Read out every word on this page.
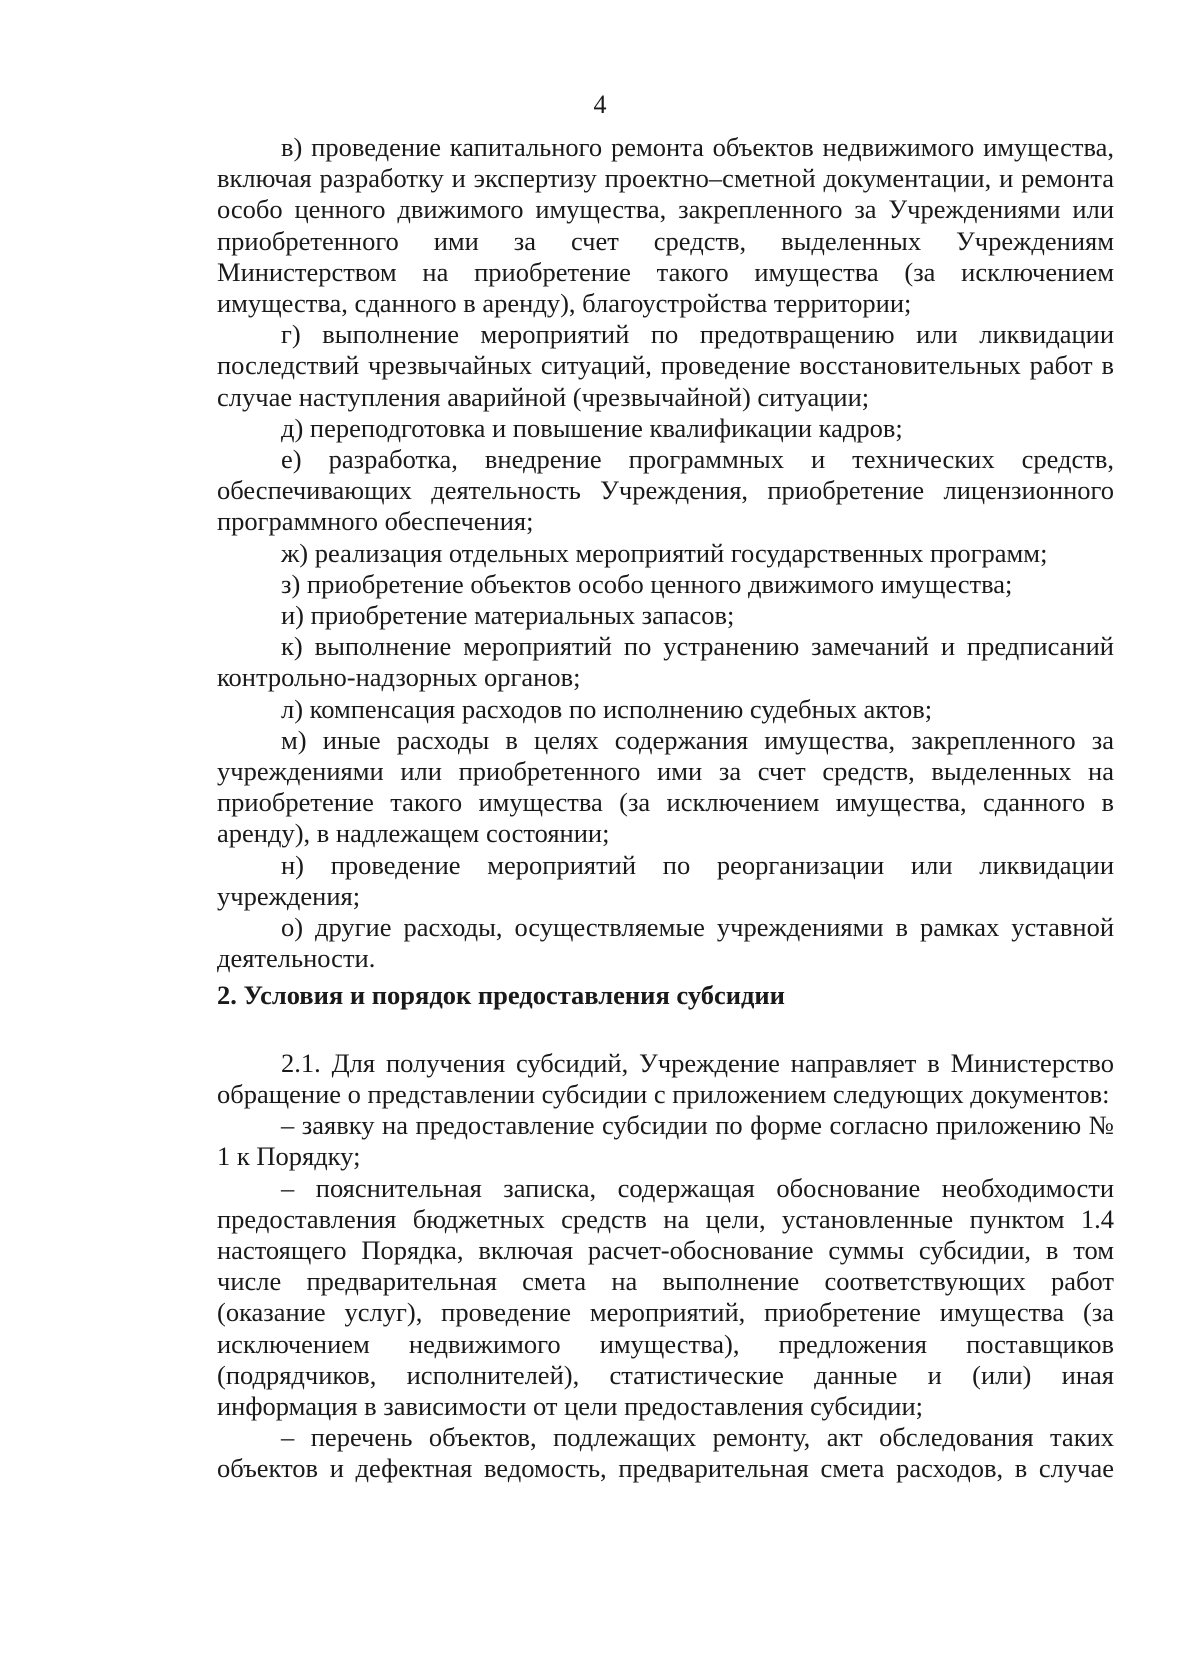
4

в) проведение капитального ремонта объектов недвижимого имущества, включая разработку и экспертизу проектно–сметной документации, и ремонта особо ценного движимого имущества, закрепленного за Учреждениями или приобретенного ими за счет средств, выделенных Учреждениям Министерством на приобретение такого имущества (за исключением имущества, сданного в аренду), благоустройства территории;

г) выполнение мероприятий по предотвращению или ликвидации последствий чрезвычайных ситуаций, проведение восстановительных работ в случае наступления аварийной (чрезвычайной) ситуации;

д) переподготовка и повышение квалификации кадров;

е) разработка, внедрение программных и технических средств, обеспечивающих деятельность Учреждения, приобретение лицензионного программного обеспечения;

ж) реализация отдельных мероприятий государственных программ;

з) приобретение объектов особо ценного движимого имущества;

и) приобретение материальных запасов;

к) выполнение мероприятий по устранению замечаний и предписаний контрольно-надзорных органов;

л) компенсация расходов по исполнению судебных актов;

м) иные расходы в целях содержания имущества, закрепленного за учреждениями или приобретенного ими за счет средств, выделенных на приобретение такого имущества (за исключением имущества, сданного в аренду), в надлежащем состоянии;

н) проведение мероприятий по реорганизации или ликвидации учреждения;

о) другие расходы, осуществляемые учреждениями в рамках уставной деятельности.

2. Условия и порядок предоставления субсидии

2.1. Для получения субсидий, Учреждение направляет в Министерство обращение о представлении субсидии с приложением следующих документов:

– заявку на предоставление субсидии по форме согласно приложению № 1 к Порядку;

– пояснительная записка, содержащая обоснование необходимости предоставления бюджетных средств на цели, установленные пунктом 1.4 настоящего Порядка, включая расчет-обоснование суммы субсидии, в том числе предварительная смета на выполнение соответствующих работ (оказание услуг), проведение мероприятий, приобретение имущества (за исключением недвижимого имущества), предложения поставщиков (подрядчиков, исполнителей), статистические данные и (или) иная информация в зависимости от цели предоставления субсидии;

– перечень объектов, подлежащих ремонту, акт обследования таких объектов и дефектная ведомость, предварительная смета расходов, в случае
